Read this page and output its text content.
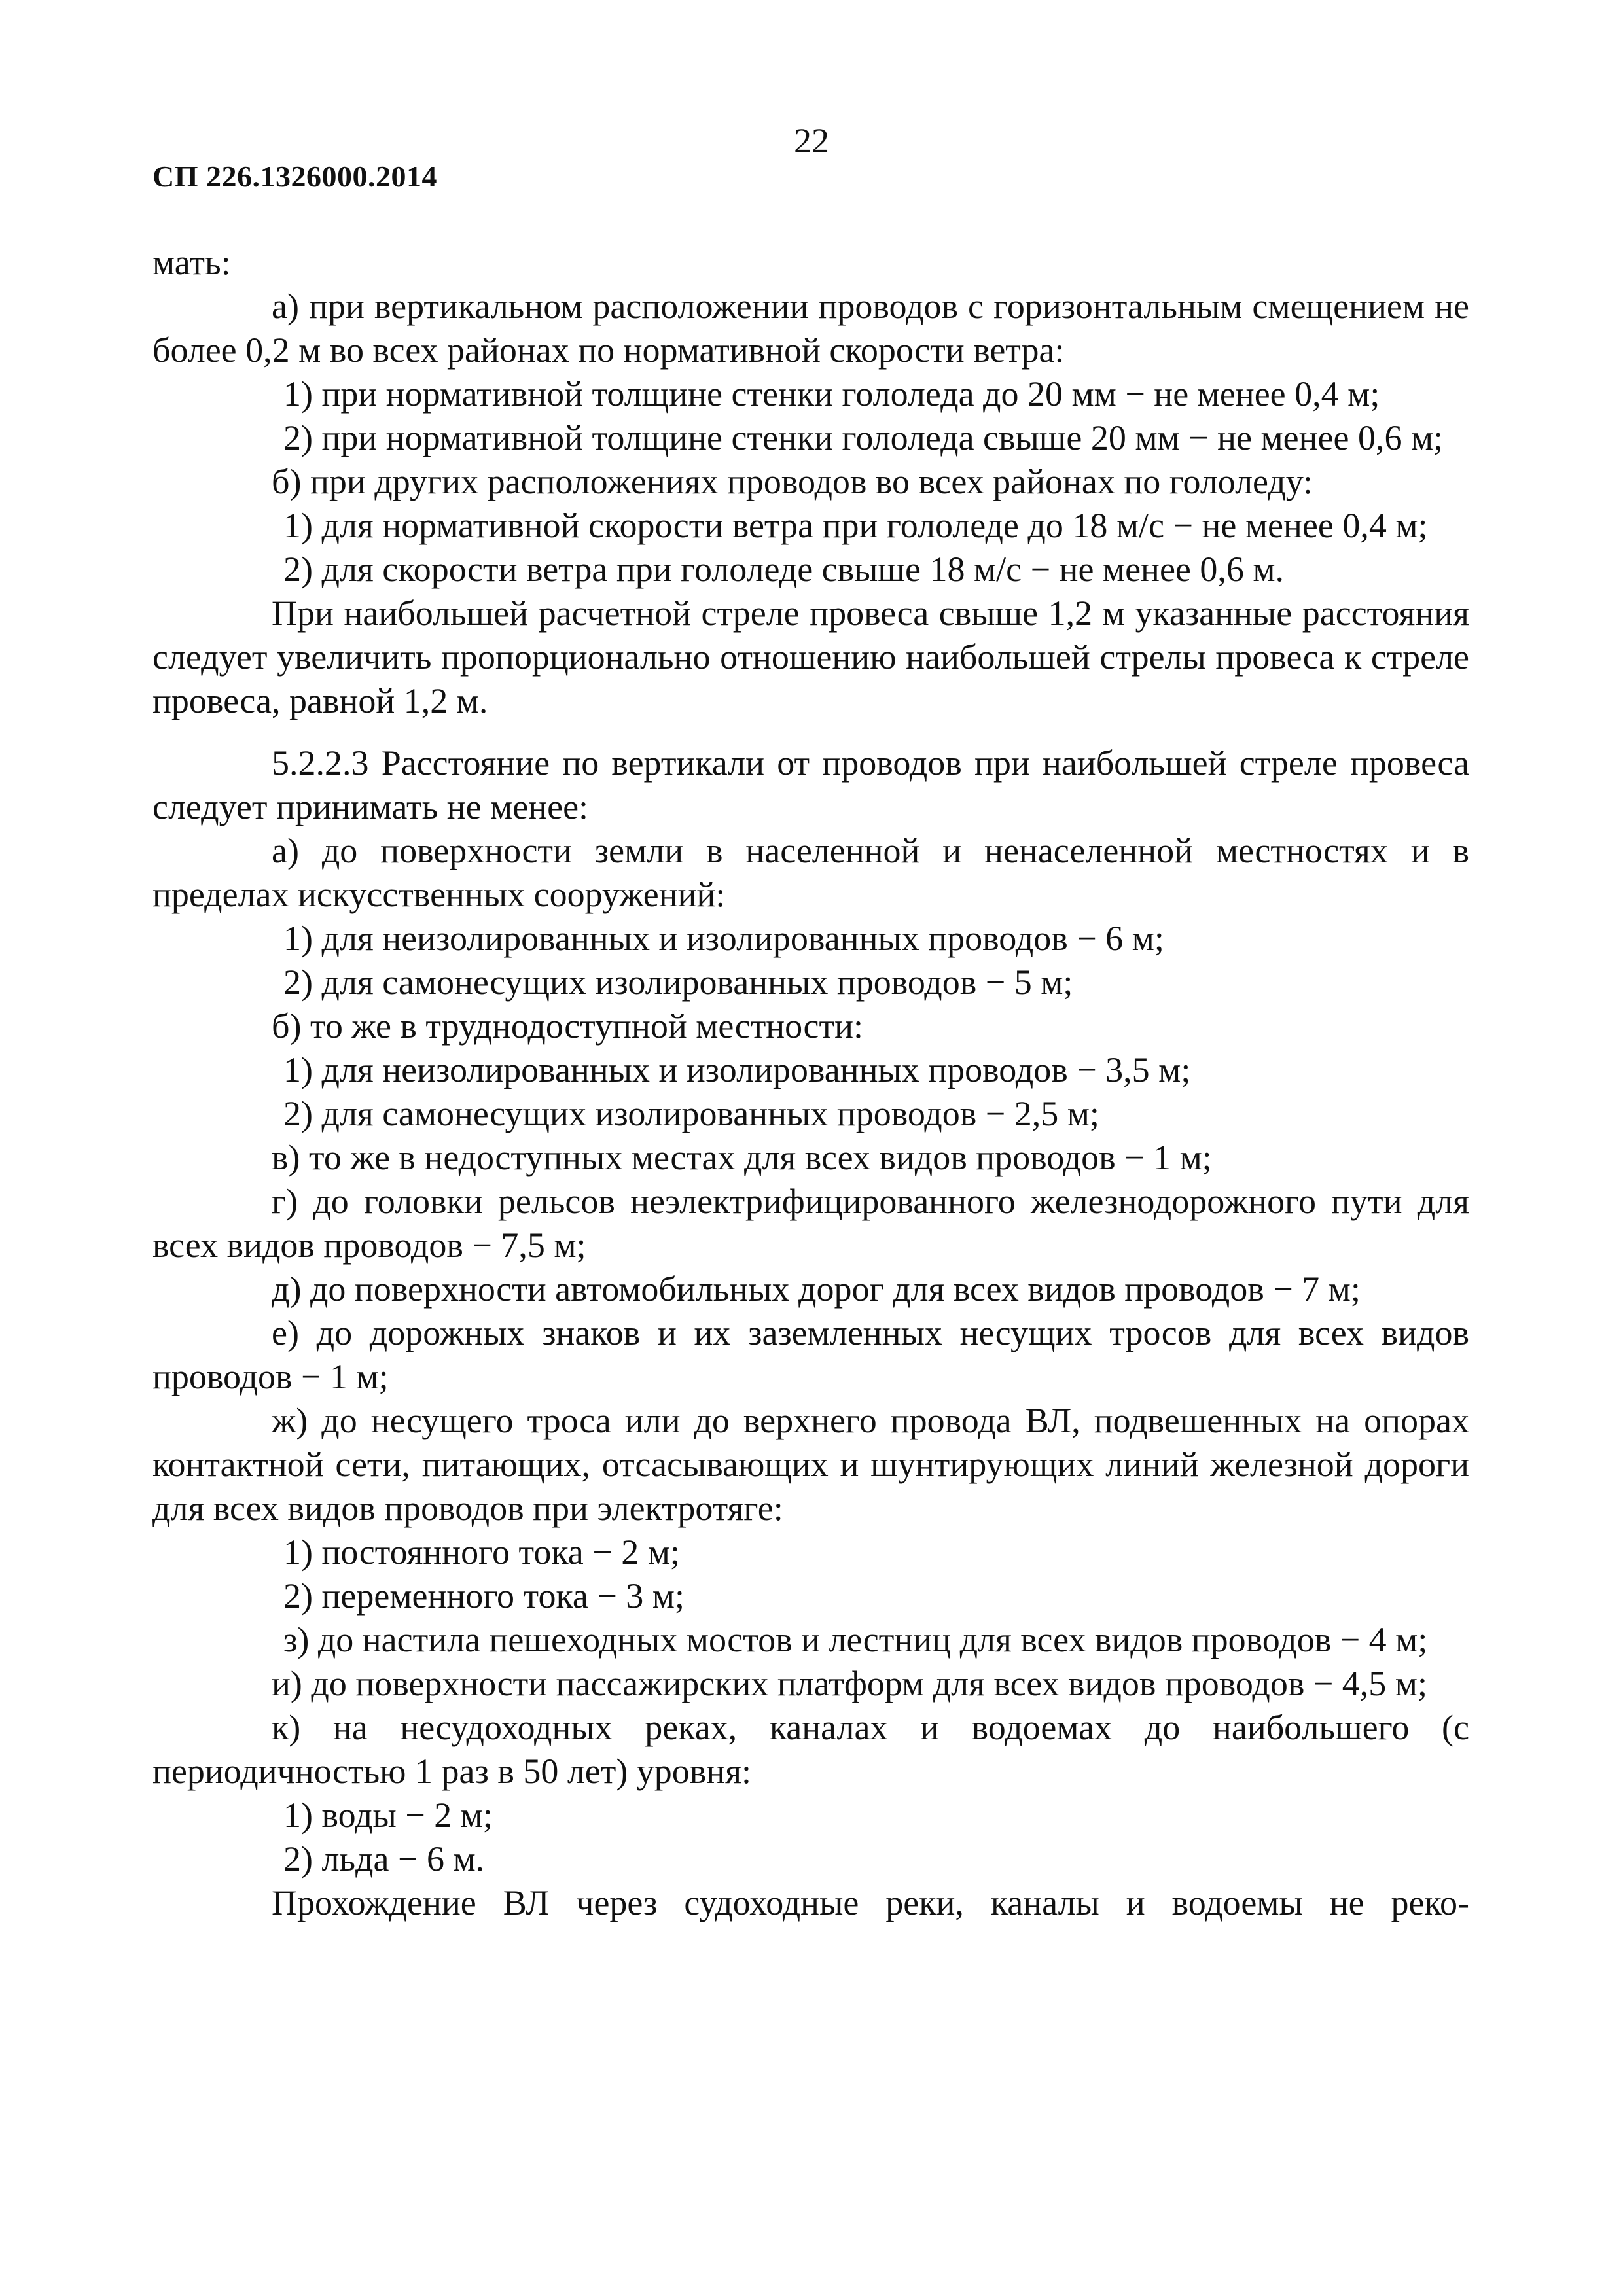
22
СП 226.1326000.2014

мать:

а) при вертикальном расположении проводов с горизонтальным смещением не более 0,2 м во всех районах по нормативной скорости ветра:

1) при нормативной толщине стенки гололеда до 20 мм − не менее 0,4 м;

2) при нормативной толщине стенки гололеда свыше 20 мм − не менее 0,6 м;

б) при других расположениях проводов во всех районах по гололеду:

1) для нормативной скорости ветра при гололеде до 18 м/с − не менее 0,4 м;

2) для скорости ветра при гололеде свыше 18 м/с − не менее 0,6 м.

При наибольшей расчетной стреле провеса свыше 1,2 м указанные расстояния следует увеличить пропорционально отношению наибольшей стрелы провеса к стреле провеса, равной 1,2 м.

5.2.2.3 Расстояние по вертикали от проводов при наибольшей стреле провеса следует принимать не менее:

а) до поверхности земли в населенной и ненаселенной местностях и в пределах искусственных сооружений:

1) для неизолированных и изолированных проводов − 6 м;

2) для самонесущих изолированных проводов − 5 м;

б) то же в труднодоступной местности:

1) для неизолированных и изолированных проводов − 3,5 м;

2) для самонесущих изолированных проводов − 2,5 м;

в) то же в недоступных местах для всех видов проводов − 1 м;

г) до головки рельсов неэлектрифицированного железнодорожного пути для всех видов проводов − 7,5 м;

д) до поверхности автомобильных дорог для всех видов проводов − 7 м;

е) до дорожных знаков и их заземленных несущих тросов для всех видов проводов − 1 м;

ж) до несущего троса или до верхнего провода ВЛ, подвешенных на опорах контактной сети, питающих, отсасывающих и шунтирующих линий железной дороги для всех видов проводов при электротяге:

1) постоянного тока − 2 м;

2) переменного тока − 3 м;

з) до настила пешеходных мостов и лестниц для всех видов проводов − 4 м;

и) до поверхности пассажирских платформ для всех видов проводов − 4,5 м;

к) на несудоходных реках, каналах и водоемах до наибольшего (с периодичностью 1 раз в 50 лет) уровня:

1) воды − 2 м;

2) льда − 6 м.

Прохождение ВЛ через судоходные реки, каналы и водоемы не рeко-
